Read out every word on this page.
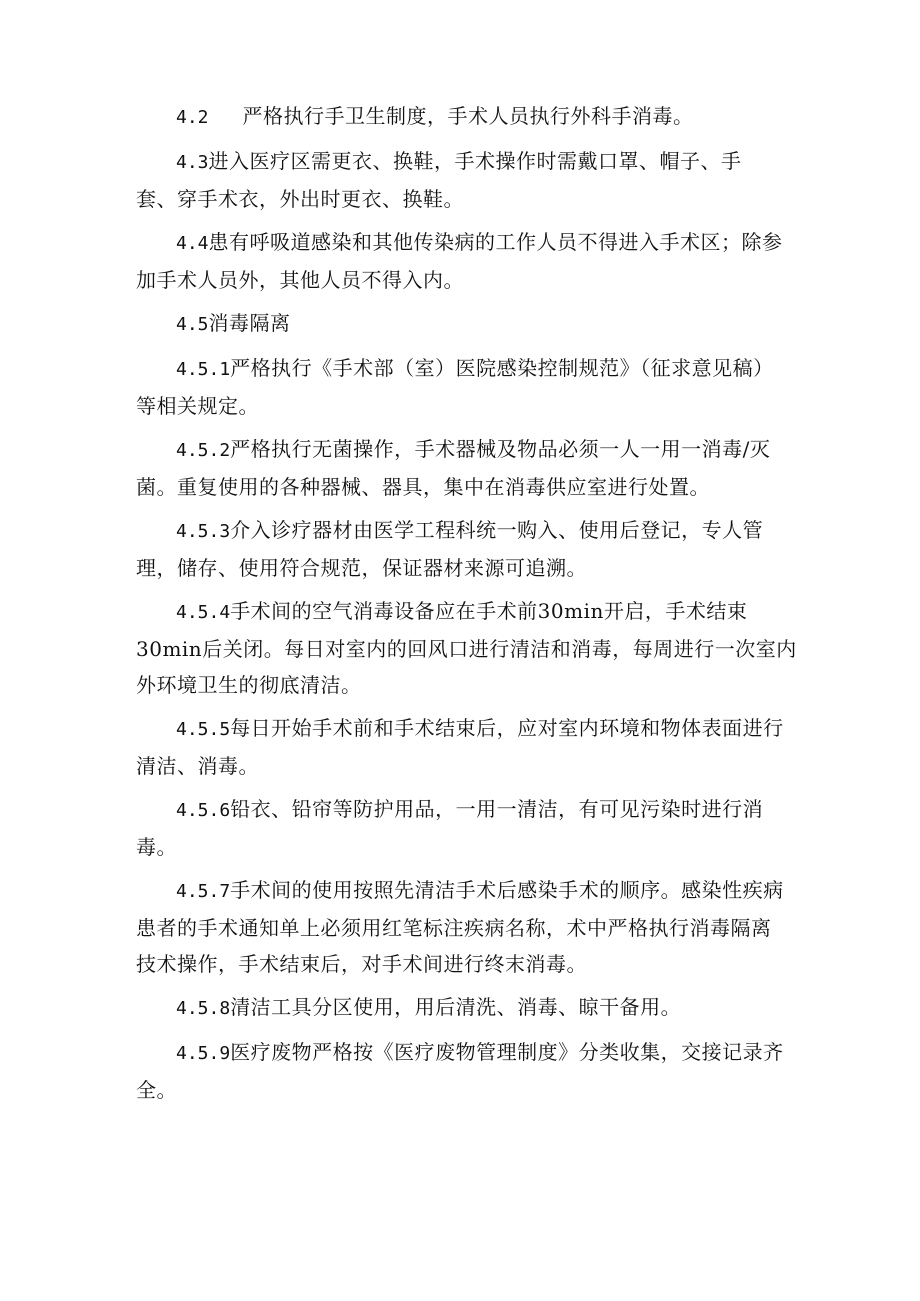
4.2 严格执行手卫生制度，手术人员执行外科手消毒。

4.3进入医疗区需更衣、换鞋，手术操作时需戴口罩、帽子、手
套、穿手术衣，外出时更衣、换鞋。

4.4患有呼吸道感染和其他传染病的工作人员不得进入手术区；除参
加手术人员外，其他人员不得入内。

4.5消毒隔离

4.5.1严格执行《手术部（室）医院感染控制规范》（征求意见稿）
等相关规定。

4.5.2严格执行无菌操作，手术器械及物品必须一人一用一消毒/灭
菌。重复使用的各种器械、器具，集中在消毒供应室进行处置。

4.5.3介入诊疗器材由医学工程科统一购入、使用后登记，专人管
理，储存、使用符合规范，保证器材来源可追溯。

4.5.4手术间的空气消毒设备应在手术前30min开启，手术结束
30min后关闭。每日对室内的回风口进行清洁和消毒，每周进行一次室内
外环境卫生的彻底清洁。

4.5.5每日开始手术前和手术结束后，应对室内环境和物体表面进行
清洁、消毒。

4.5.6铅衣、铅帘等防护用品，一用一清洁，有可见污染时进行消
毒。

4.5.7手术间的使用按照先清洁手术后感染手术的顺序。感染性疾病
患者的手术通知单上必须用红笔标注疾病名称，术中严格执行消毒隔离
技术操作，手术结束后，对手术间进行终末消毒。

4.5.8清洁工具分区使用，用后清洗、消毒、晾干备用。

4.5.9医疗废物严格按《医疗废物管理制度》分类收集，交接记录齐
全。
